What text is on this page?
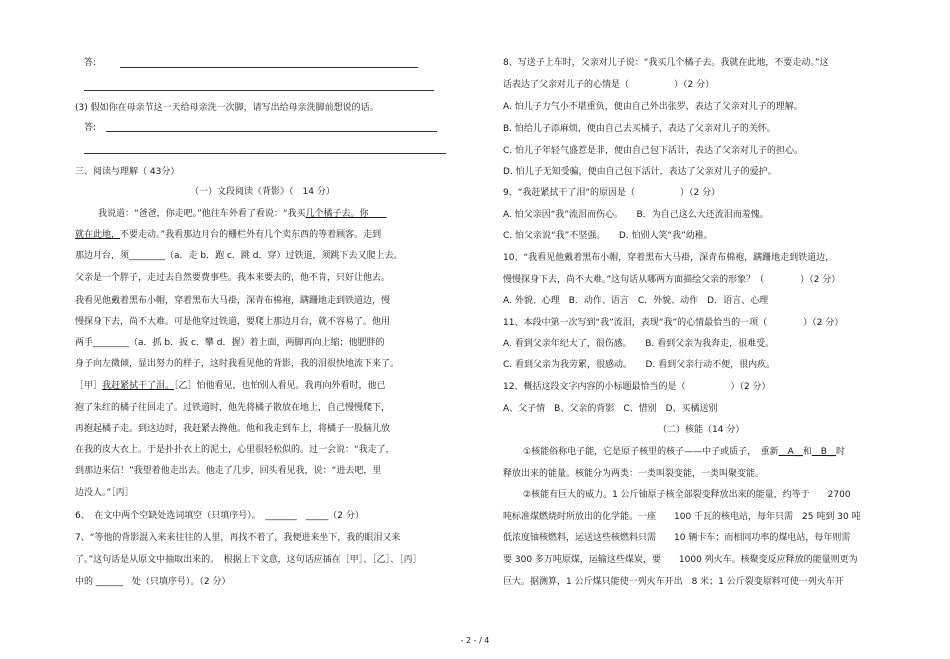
答:
(3) 假如你在母亲节这一天给母亲洗一次脚，请写出给母亲洗脚前想说的话。
答:
三、阅读与理解（ 43分）
（一）文段阅读《背影》（　14 分）
我说道：“爸爸，你走吧。”他往车外看了看说：“我买几个橘子去。你　　
就在此地，不要走动。”我看那边月台的栅栏外有几个卖东西的等着顾客。走到
那边月台，须________（a．走 b．跑 c．跳 d．穿）过铁道，须跳下去又爬上去。
父亲是一个胖子，走过去自然要费事些。我本来要去的，他不肯，只好让他去。
我看见他戴着黑布小帽，穿着黑布大马褂，深青布棉袍，蹒跚地走到铁道边，慢
慢探身下去，尚不大难。可是他穿过铁道，要爬上那边月台，就不容易了。他用
两手________（a．抓 b．扳 c．攀 d．握）着上面，两脚再向上缩；他肥胖的
身子向左微倾，显出努力的样子，这时我看见他的背影，我的泪很快地流下来了。
［甲］我赶紧拭干了泪。［乙］怕他看见，也怕别人看见。我再向外看时，他已
抱了朱红的橘子往回走了。过铁道时，他先将橘子散放在地上，自己慢慢爬下，
再抱起橘子走。到这边时，我赶紧去搀他。他和我走到车上，将橘子一股脑儿放
在我的皮大衣上。于是扑扑衣上的泥土，心里很轻松似的。过一会说：“我走了，
到那边来信！”我望着他走出去。他走了几步，回头看见我，说：“进去吧，里
边没人。”［丙］
6、　在文中两个空缺处选词填空（只填序号）。　_______　_____（2 分）
7、“等他的背影混入来来往往的人里，再找不着了，我便进来坐下，我的眼泪又来
了。”这句话是从原文中抽取出来的。　根据上下文意，这句话应插在［甲］、［乙］、［丙］
中的 ______　处（只填序号）。（2 分）
8、写送子上车时，父亲对儿子说：“我买几个橘子去。我就在此地，不要走动。”这
话表达了父亲对儿子的心情是（　　　　　）（2 分）
A. 怕儿子力气小不堪重负，便由自己外出张罗，表达了父亲对儿子的理解。
B. 怕给儿子添麻烦，便由自己去买橘子，表达了父亲对儿子的关怀。
C. 怕儿子年轻气盛惹是非，便由自己包下活计，表达了父亲对儿子的担心。
D. 怕儿子无知受骗，便由自己包下活计，表达了父亲对儿子的爱护。
9、“我赶紧拭干了泪”的原因是（　　　　　）（2 分）
A. 怕父亲因“我”流泪而伤心。　　B．为自己这么大还流泪而羞愧。
C. 怕父亲说“我”不坚强。　　D. 怕别人笑“我”幼稚。
10、“我看见他戴着黑布小帽，穿着黑布大马褂，深青布棉袍，蹒跚地走到铁道边，
慢慢探身下去，尚不大难。”这句话从哪两方面描绘父亲的形象？（　　　　）（2 分）
A. 外貌、心理　B．动作、语言　C．外貌、动作　D．语言、心理
11、本段中第一次写到“我”流泪，表现“我”的心情最恰当的一项（　　　　）（2 分）
A. 看到父亲年纪大了，很伤感。　　B. 看到父亲为我奔走，很难受。
C. 看到父亲为我劳累，很感动。　　D. 看到父亲行动不便，很内疚。
12、概括这段文字内容的小标题最恰当的是（　　　　　）（2 分）
A、父子情　B、父亲的背影　C、惜别　D、买橘送别
（二）核能（14 分）
①核能俗称电子能，它是原子核里的核子——中子或质子，　重新　 A__和　 B__时
释放出来的能量。核能分为两类：一类叫裂变能，一类叫聚变能。
②核能有巨大的威力。1 公斤铀原子核全部裂变释放出来的能量，约等于　　2700
吨标准煤燃烧时所放出的化学能。一座　　100 千瓦的核电站，每年只需　25 吨到 30 吨
低浓度铀核燃料，运送这些核燃料只需　　10 辆卡车；而相同功率的煤电站，每年则需
要 300 多万吨原煤，运输这些煤炭，要　　1000 列火车。核聚变反应释放的能量则更为
巨大。据测算，1 公斤煤只能使一列火车开出　8 米；1 公斤裂变原料可使一列火车开
- 2 - / 4
